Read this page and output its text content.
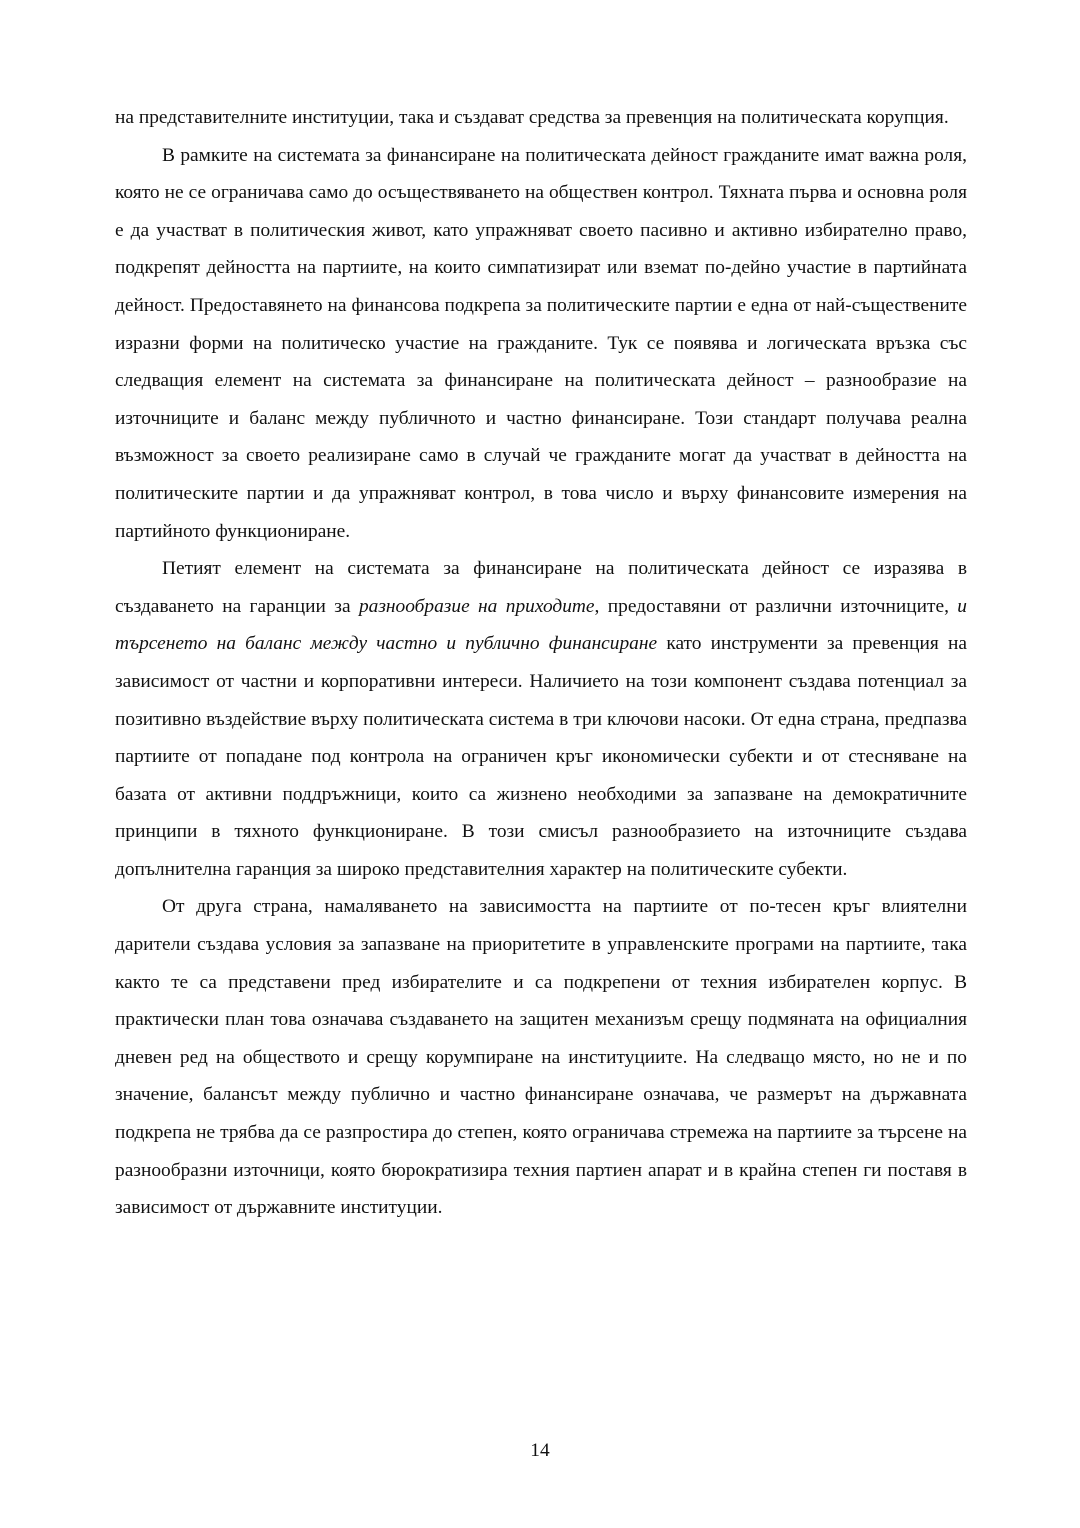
на представителните институции, така и създават средства за превенция на политическата корупция.

В рамките на системата за финансиране на политическата дейност гражданите имат важна роля, която не се ограничава само до осъществяването на обществен контрол. Тяхната първа и основна роля е да участват в политическия живот, като упражняват своето пасивно и активно избирателно право, подкрепят дейността на партиите, на които симпатизират или вземат по-дейно участие в партийната дейност. Предоставянето на финансова подкрепа за политическите партии е една от най-съществените изразни форми на политическо участие на гражданите. Тук се появява и логическата връзка със следващия елемент на системата за финансиране на политическата дейност – разнообразие на източниците и баланс между публичното и частно финансиране. Този стандарт получава реална възможност за своето реализиране само в случай че гражданите могат да участват в дейността на политическите партии и да упражняват контрол, в това число и върху финансовите измерения на партийното функциониране.

Петият елемент на системата за финансиране на политическата дейност се изразява в създаването на гаранции за разнообразие на приходите, предоставяни от различни източниците, и търсенето на баланс между частно и публично финансиране като инструменти за превенция на зависимост от частни и корпоративни интереси. Наличието на този компонент създава потенциал за позитивно въздействие върху политическата система в три ключови насоки. От една страна, предпазва партиите от попадане под контрола на ограничен кръг икономически субекти и от стесняване на базата от активни поддръжници, които са жизнено необходими за запазване на демократичните принципи в тяхното функциониране. В този смисъл разнообразието на източниците създава допълнителна гаранция за широко представителния характер на политическите субекти.

От друга страна, намаляването на зависимостта на партиите от по-тесен кръг влиятелни дарители създава условия за запазване на приоритетите в управленските програми на партиите, така както те са представени пред избирателите и са подкрепени от техния избирателен корпус. В практически план това означава създаването на защитен механизъм срещу подмяната на официалния дневен ред на обществото и срещу корумпиране на институциите. На следващо място, но не и по значение, балансът между публично и частно финансиране означава, че размерът на държавната подкрепа не трябва да се разпростира до степен, която ограничава стремежа на партиите за търсене на разнообразни източници, която бюрократизира техния партиен апарат и в крайна степен ги поставя в зависимост от държавните институции.

14
